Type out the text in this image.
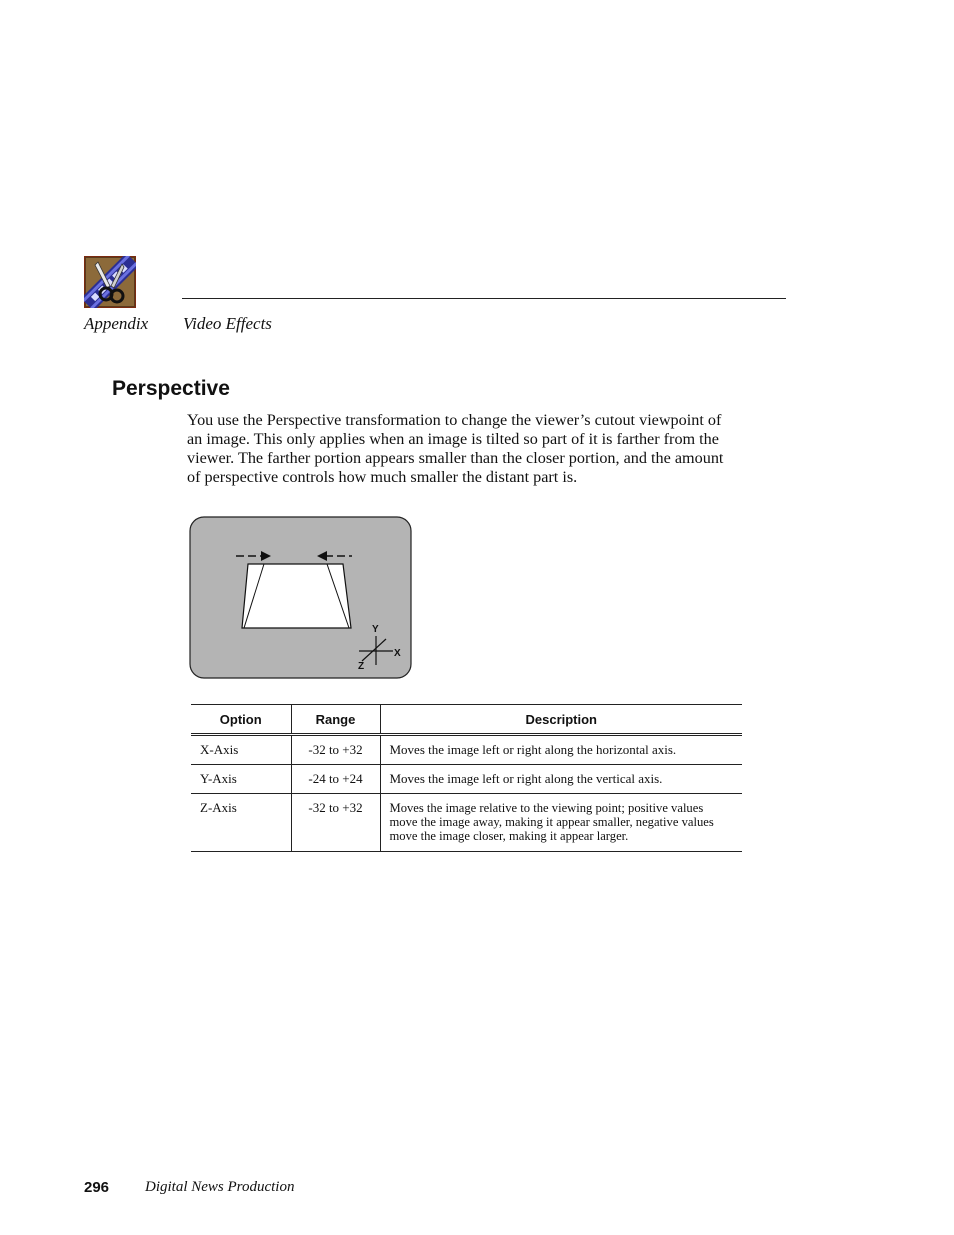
Appendix Video Effects
Perspective

You use the Perspective transformation to change the viewer’s cutout viewpoint of an image. This only applies when an image is tilted so part of it is farther from the viewer. The farther portion appears smaller than the closer portion, and the amount of perspective controls how much smaller the distant part is.

Y
X
Z
Option	Range	Description
X-Axis	-32 to +32	Moves the image left or right along the horizontal axis.
Y-Axis	-24 to +24	Moves the image left or right along the vertical axis.
Z-Axis	-32 to +32	Moves the image relative to the viewing point; positive values move the image away, making it appear smaller, negative values move the image closer, making it appear larger.
296 Digital News Production
